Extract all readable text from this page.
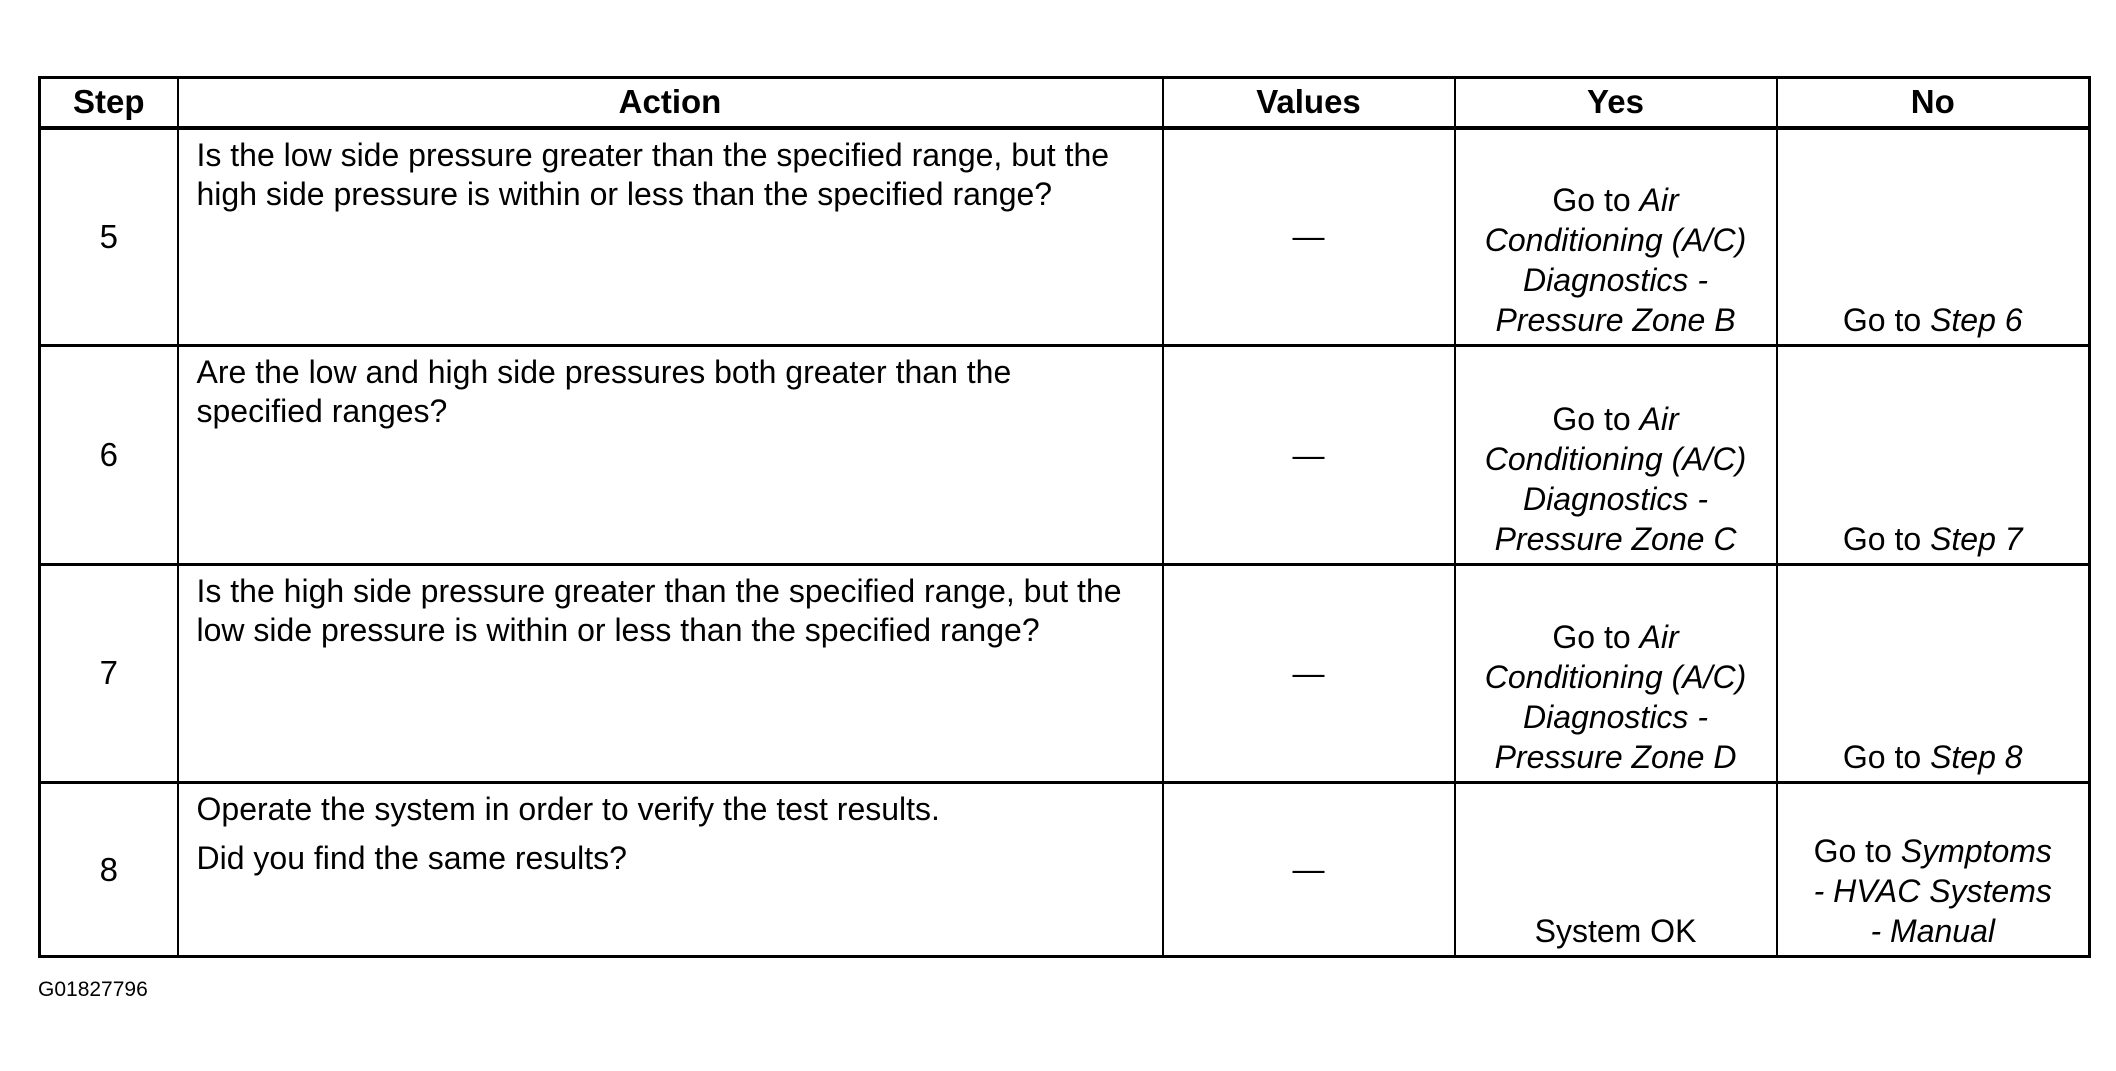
Step	Action	Values	Yes	No
5	Is the low side pressure greater than the specified range, but the high side pressure is within or less than the specified range?	—	Go to Air
Conditioning (A/C)
Diagnostics -
Pressure Zone B	Go to Step 6

6	Are the low and high side pressures both greater than the specified ranges?	—	Go to Air
Conditioning (A/C)
Diagnostics -
Pressure Zone C	Go to Step 7

7	Is the high side pressure greater than the specified range, but the low side pressure is within or less than the specified range?	—	Go to Air
Conditioning (A/C)
Diagnostics -
Pressure Zone D	Go to Step 8

8	Operate the system in order to verify the test results.
Did you find the same results?	—	System OK	Go to Symptoms
- HVAC Systems
- Manual
G01827796
